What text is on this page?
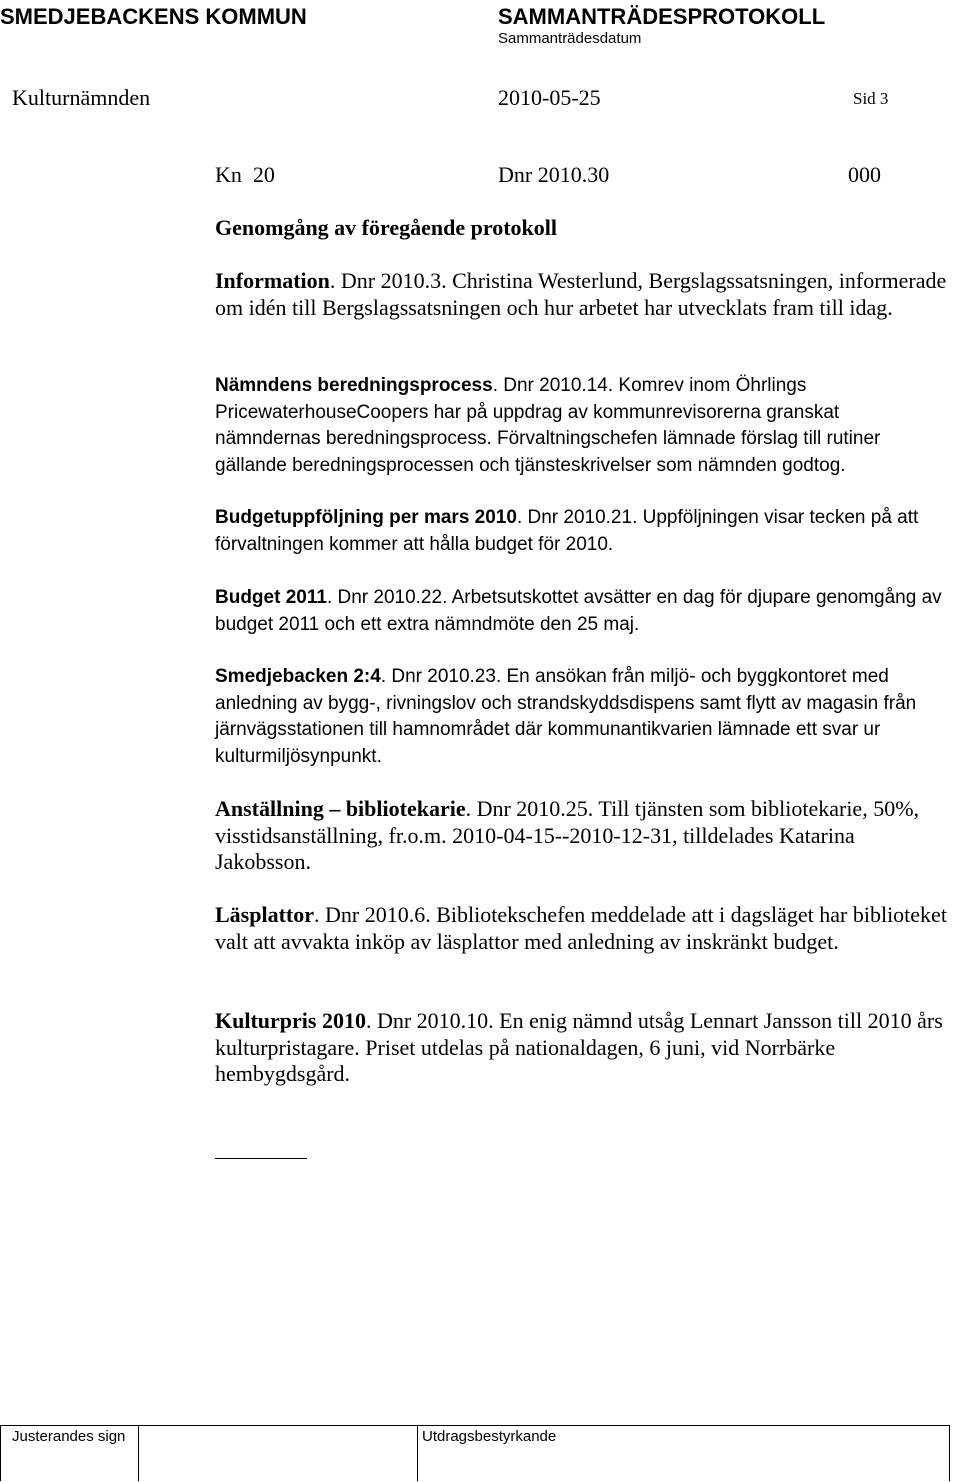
SMEDJEBACKENS KOMMUN	SAMMANTRÄDESPROTOKOLL
Sammanträdesdatum
Kulturnämnden	2010-05-25	Sid 3
Kn  20	Dnr 2010.30	000
Genomgång av föregående protokoll
Information. Dnr 2010.3. Christina Westerlund, Bergslagssatsningen, informerade om idén till Bergslagssatsningen och hur arbetet har utvecklats fram till idag.
Nämndens beredningsprocess. Dnr 2010.14. Komrev inom Öhrlings PricewaterhouseCoopers har på uppdrag av kommunrevisorerna granskat nämndernas beredningsprocess. Förvaltningschefen lämnade förslag till rutiner gällande beredningsprocessen och tjänsteskrivelser som nämnden godtog.
Budgetuppföljning per mars 2010. Dnr 2010.21. Uppföljningen visar tecken på att förvaltningen kommer att hålla budget för 2010.
Budget 2011. Dnr 2010.22. Arbetsutskottet avsätter en dag för djupare genomgång av budget 2011 och ett extra nämndmöte den 25 maj.
Smedjebacken 2:4. Dnr 2010.23. En ansökan från miljö- och byggkontoret med anledning av bygg-, rivningslov och strandskyddsdispens samt flytt av magasin från järnvägsstationen till hamnområdet där kommunantikvarien lämnade ett svar ur kulturmiljösynpunkt.
Anställning – bibliotekarie. Dnr 2010.25. Till tjänsten som bibliotekarie, 50%, visstidsanställning, fr.o.m. 2010-04-15--2010-12-31, tilldelades Katarina Jakobsson.
Läsplattor. Dnr 2010.6. Bibliotekschefen meddelade att i dagsläget har biblioteket valt att avvakta inköp av läsplattor med anledning av inskränkt budget.
Kulturpris 2010. Dnr 2010.10. En enig nämnd utsåg Lennart Jansson till 2010 års kulturpristagare. Priset utdelas på nationaldagen, 6 juni, vid Norrbärke hembygdsgård.
Justerandes sign	Utdragsbestyrkande
